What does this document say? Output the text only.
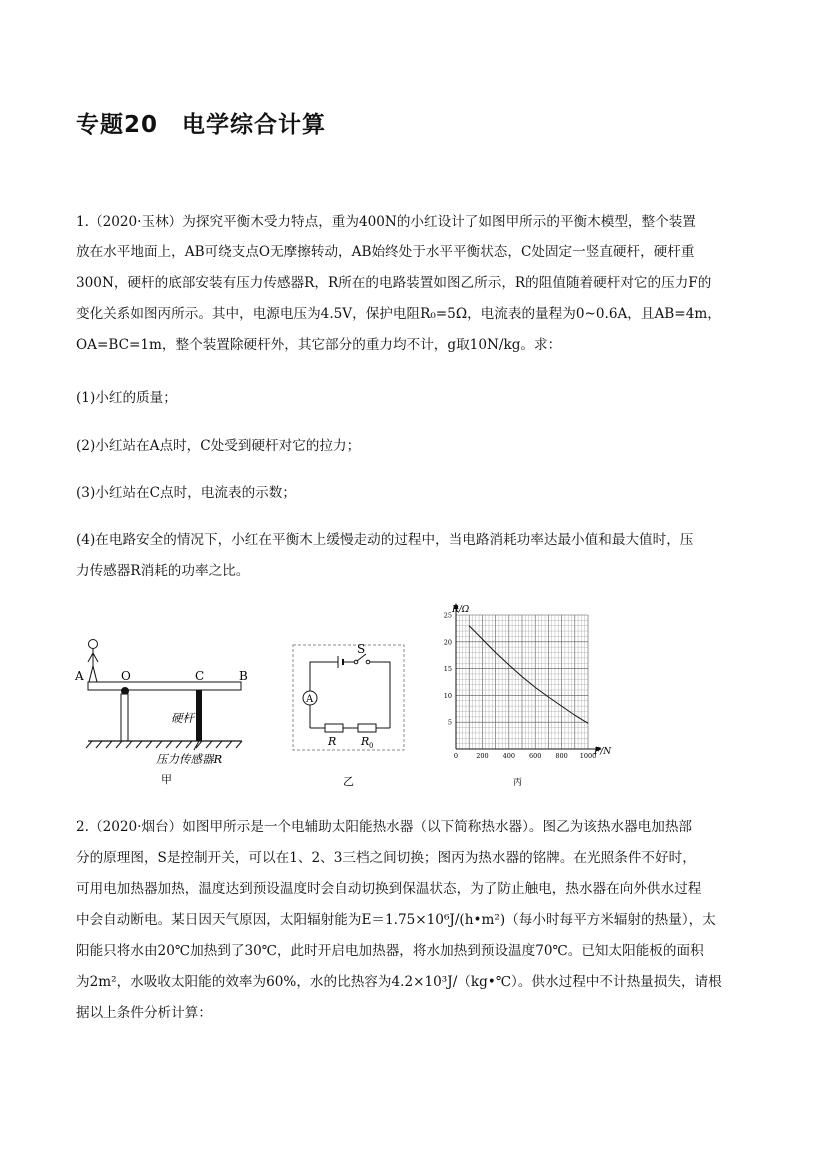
专题20　电学综合计算
1.（2020·玉林）为探究平衡木受力特点，重为400N的小红设计了如图甲所示的平衡木模型，整个装置
放在水平地面上，AB可绕支点O无摩擦转动，AB始终处于水平平衡状态，C处固定一竖直硬杆，硬杆重
300N，硬杆的底部安装有压力传感器R，R所在的电路装置如图乙所示，R的阻值随着硬杆对它的压力F的
变化关系如图丙所示。其中，电源电压为4.5V，保护电阻R₀=5Ω，电流表的量程为0~0.6A，且AB=4m，
OA=BC=1m，整个装置除硬杆外，其它部分的重力均不计，g取10N/kg。求：
(1)小红的质量；
(2)小红站在A点时，C处受到硬杆对它的拉力；
(3)小红站在C点时，电流表的示数；
(4)在电路安全的情况下，小红在平衡木上缓慢走动的过程中，当电路消耗功率达最小值和最大值时，压
力传感器R消耗的功率之比。
A	O	C	B
硬杆
压力传感器R
甲
A
S
R R 0
乙
0	200 400 600 800 1000
5
10
15
20
25
R/Ω
F/N
丙
2.（2020·烟台）如图甲所示是一个电辅助太阳能热水器（以下简称热水器）。图乙为该热水器电加热部
分的原理图，S是控制开关，可以在1、2、3三档之间切换；图丙为热水器的铭牌。在光照条件不好时，
可用电加热器加热，温度达到预设温度时会自动切换到保温状态，为了防止触电，热水器在向外供水过程
中会自动断电。某日因天气原因，太阳辐射能为E＝1.75×10⁶J/(h•m²)（每小时每平方米辐射的热量），太
阳能只将水由20℃加热到了30℃，此时开启电加热器，将水加热到预设温度70℃。已知太阳能板的面积
为2m²，水吸收太阳能的效率为60%，水的比热容为4.2×10³J/（kg•℃）。供水过程中不计热量损失，请根
据以上条件分析计算：
